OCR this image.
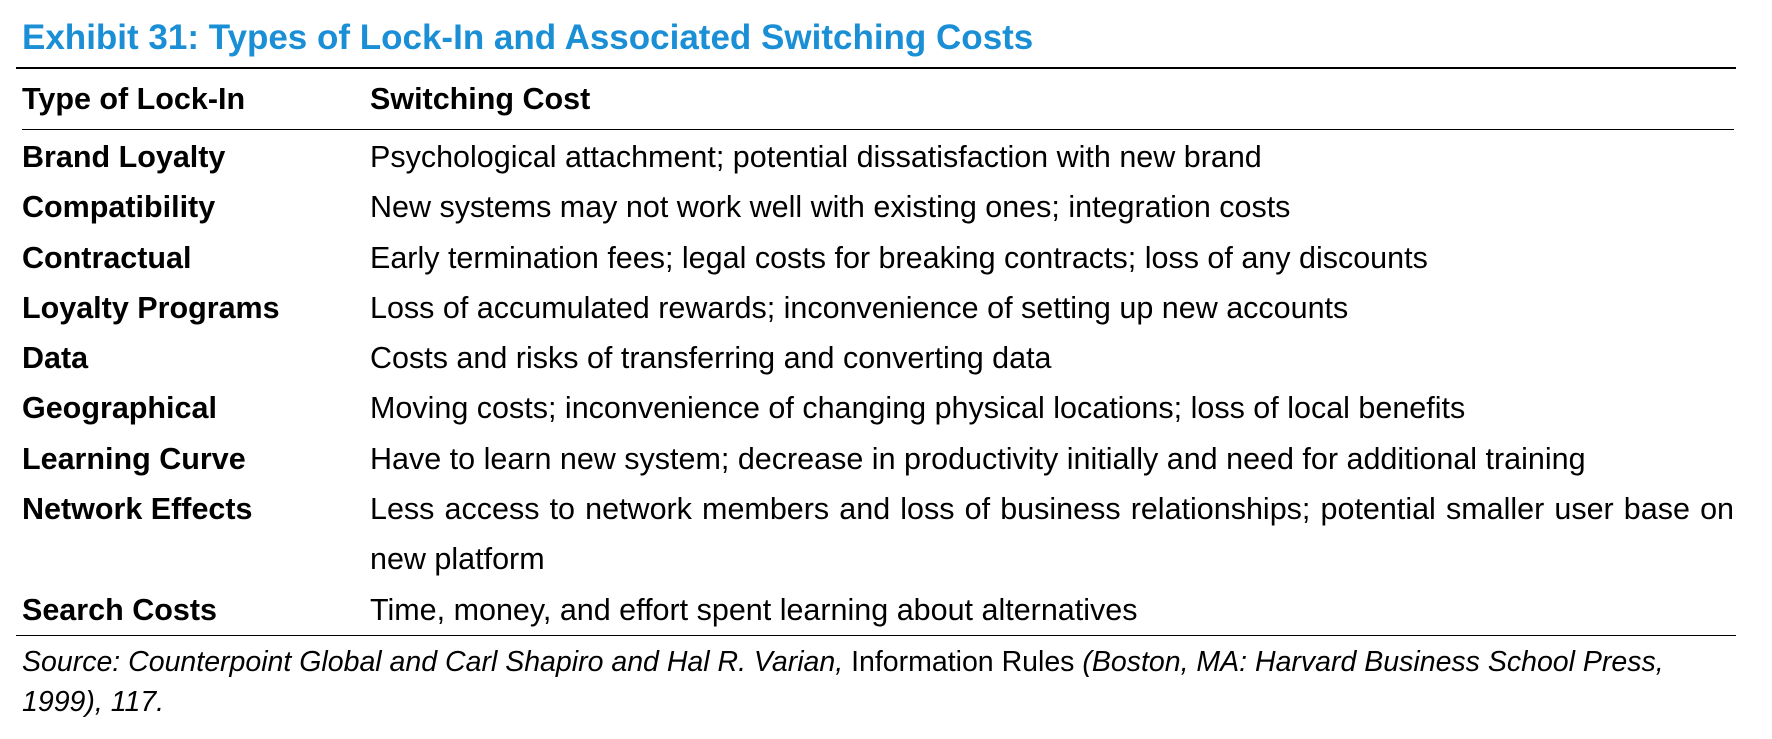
Exhibit 31: Types of Lock-In and Associated Switching Costs
Type of Lock-In	Switching Cost
Brand Loyalty	Psychological attachment; potential dissatisfaction with new brand
Compatibility	New systems may not work well with existing ones; integration costs
Contractual	Early termination fees; legal costs for breaking contracts; loss of any discounts
Loyalty Programs	Loss of accumulated rewards; inconvenience of setting up new accounts
Data	Costs and risks of transferring and converting data
Geographical	Moving costs; inconvenience of changing physical locations; loss of local benefits
Learning Curve	Have to learn new system; decrease in productivity initially and need for additional training
Network Effects	Less access to network members and loss of business relationships; potential smaller user base on new platform
Search Costs	Time, money, and effort spent learning about alternatives
Source: Counterpoint Global and Carl Shapiro and Hal R. Varian, Information Rules (Boston, MA: Harvard Business School Press, 1999), 117.
